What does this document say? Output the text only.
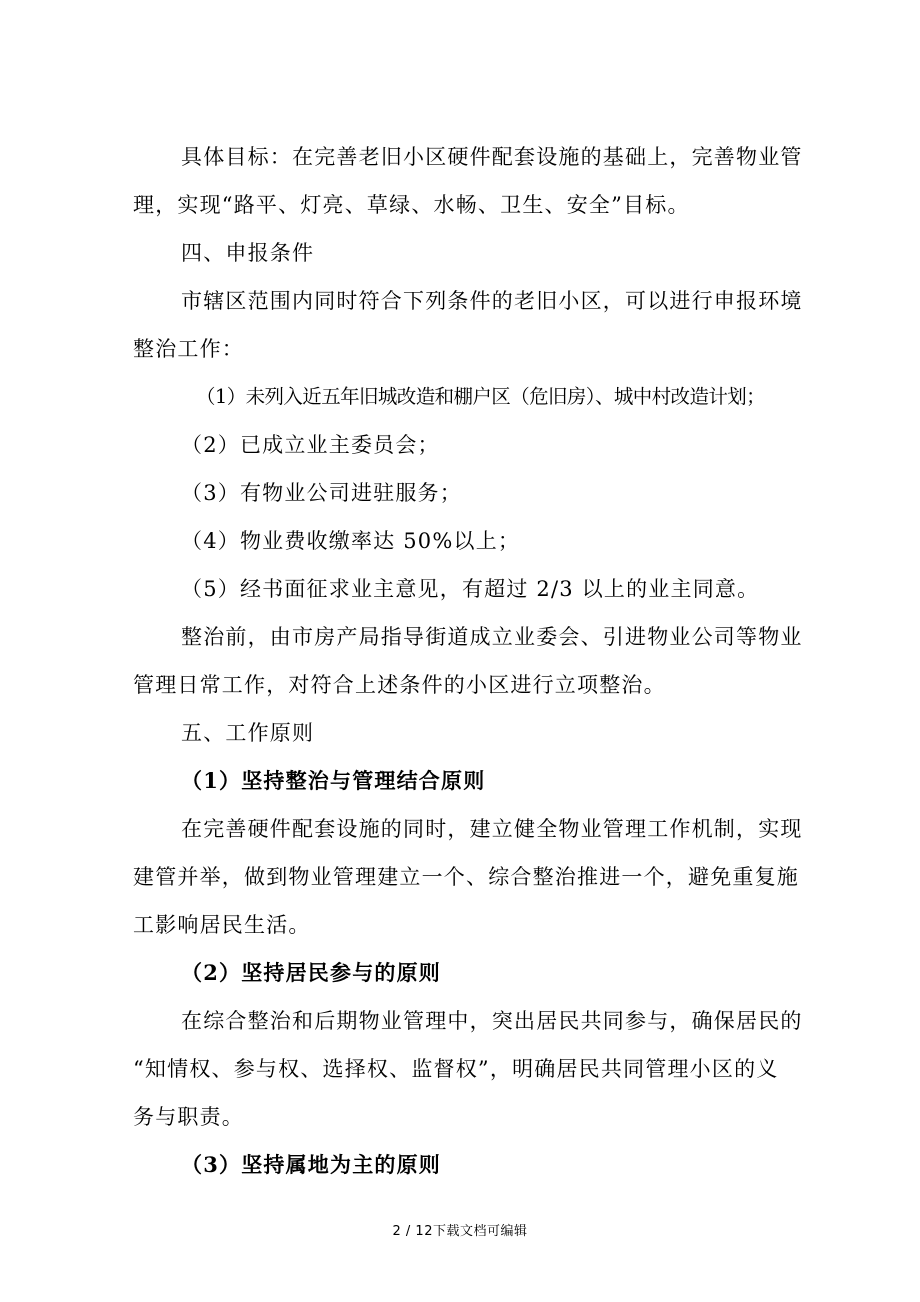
具体目标：在完善老旧小区硬件配套设施的基础上，完善物业管
理，实现“路平、灯亮、草绿、水畅、卫生、安全”目标。
四、申报条件
市辖区范围内同时符合下列条件的老旧小区，可以进行申报环境
整治工作：
（1）未列入近五年旧城改造和棚户区（危旧房）、城中村改造计划；
（2）已成立业主委员会；
（3）有物业公司进驻服务；
（4）物业费收缴率达 50%以上；
（5）经书面征求业主意见，有超过 2/3 以上的业主同意。
整治前，由市房产局指导街道成立业委会、引进物业公司等物业
管理日常工作，对符合上述条件的小区进行立项整治。
五、工作原则
（1）坚持整治与管理结合原则
在完善硬件配套设施的同时，建立健全物业管理工作机制，实现
建管并举，做到物业管理建立一个、综合整治推进一个，避免重复施
工影响居民生活。
（2）坚持居民参与的原则
在综合整治和后期物业管理中，突出居民共同参与，确保居民的
“知情权、参与权、选择权、监督权”，明确居民共同管理小区的义
务与职责。
（3）坚持属地为主的原则
2 / 12下载文档可编辑
